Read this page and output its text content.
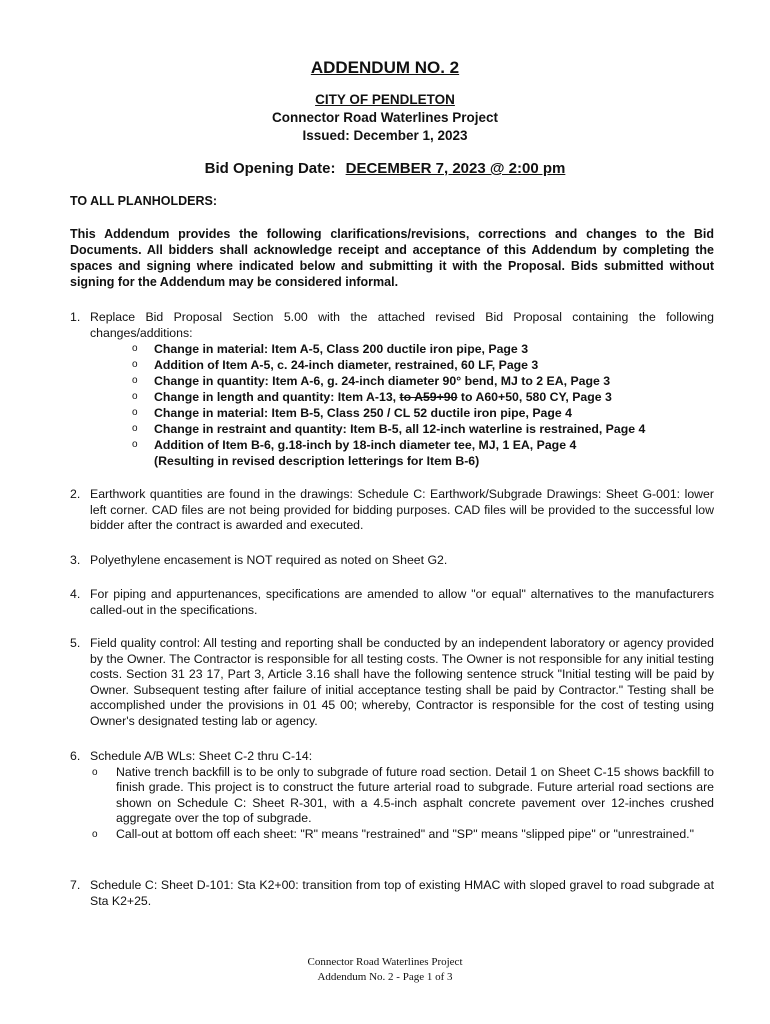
ADDENDUM NO. 2
CITY OF PENDLETON
Connector Road Waterlines Project
Issued: December 1, 2023
Bid Opening Date: DECEMBER 7, 2023 @ 2:00 pm
TO ALL PLANHOLDERS:
This Addendum provides the following clarifications/revisions, corrections and changes to the Bid Documents. All bidders shall acknowledge receipt and acceptance of this Addendum by completing the spaces and signing where indicated below and submitting it with the Proposal. Bids submitted without signing for the Addendum may be considered informal.
1. Replace Bid Proposal Section 5.00 with the attached revised Bid Proposal containing the following changes/additions:
o Change in material: Item A-5, Class 200 ductile iron pipe, Page 3
o Addition of Item A-5, c. 24-inch diameter, restrained, 60 LF, Page 3
o Change in quantity: Item A-6, g. 24-inch diameter 90° bend, MJ to 2 EA, Page 3
o Change in length and quantity: Item A-13, to A59+90 to A60+50, 580 CY, Page 3
o Change in material: Item B-5, Class 250 / CL 52 ductile iron pipe, Page 4
o Change in restraint and quantity: Item B-5, all 12-inch waterline is restrained, Page 4
o Addition of Item B-6, g.18-inch by 18-inch diameter tee, MJ, 1 EA, Page 4
(Resulting in revised description letterings for Item B-6)
2. Earthwork quantities are found in the drawings: Schedule C: Earthwork/Subgrade Drawings: Sheet G-001: lower left corner. CAD files are not being provided for bidding purposes. CAD files will be provided to the successful low bidder after the contract is awarded and executed.
3. Polyethylene encasement is NOT required as noted on Sheet G2.
4. For piping and appurtenances, specifications are amended to allow "or equal" alternatives to the manufacturers called-out in the specifications.
5. Field quality control: All testing and reporting shall be conducted by an independent laboratory or agency provided by the Owner. The Contractor is responsible for all testing costs. The Owner is not responsible for any initial testing costs. Section 31 23 17, Part 3, Article 3.16 shall have the following sentence struck "Initial testing will be paid by Owner. Subsequent testing after failure of initial acceptance testing shall be paid by Contractor." Testing shall be accomplished under the provisions in 01 45 00; whereby, Contractor is responsible for the cost of testing using Owner's designated testing lab or agency.
6. Schedule A/B WLs: Sheet C-2 thru C-14:
o Native trench backfill is to be only to subgrade of future road section. Detail 1 on Sheet C-15 shows backfill to finish grade. This project is to construct the future arterial road to subgrade. Future arterial road sections are shown on Schedule C: Sheet R-301, with a 4.5-inch asphalt concrete pavement over 12-inches crushed aggregate over the top of subgrade.
o Call-out at bottom off each sheet: "R" means "restrained" and "SP" means "slipped pipe" or "unrestrained."
7. Schedule C: Sheet D-101: Sta K2+00: transition from top of existing HMAC with sloped gravel to road subgrade at Sta K2+25.
Connector Road Waterlines Project
Addendum No. 2 - Page 1 of 3
